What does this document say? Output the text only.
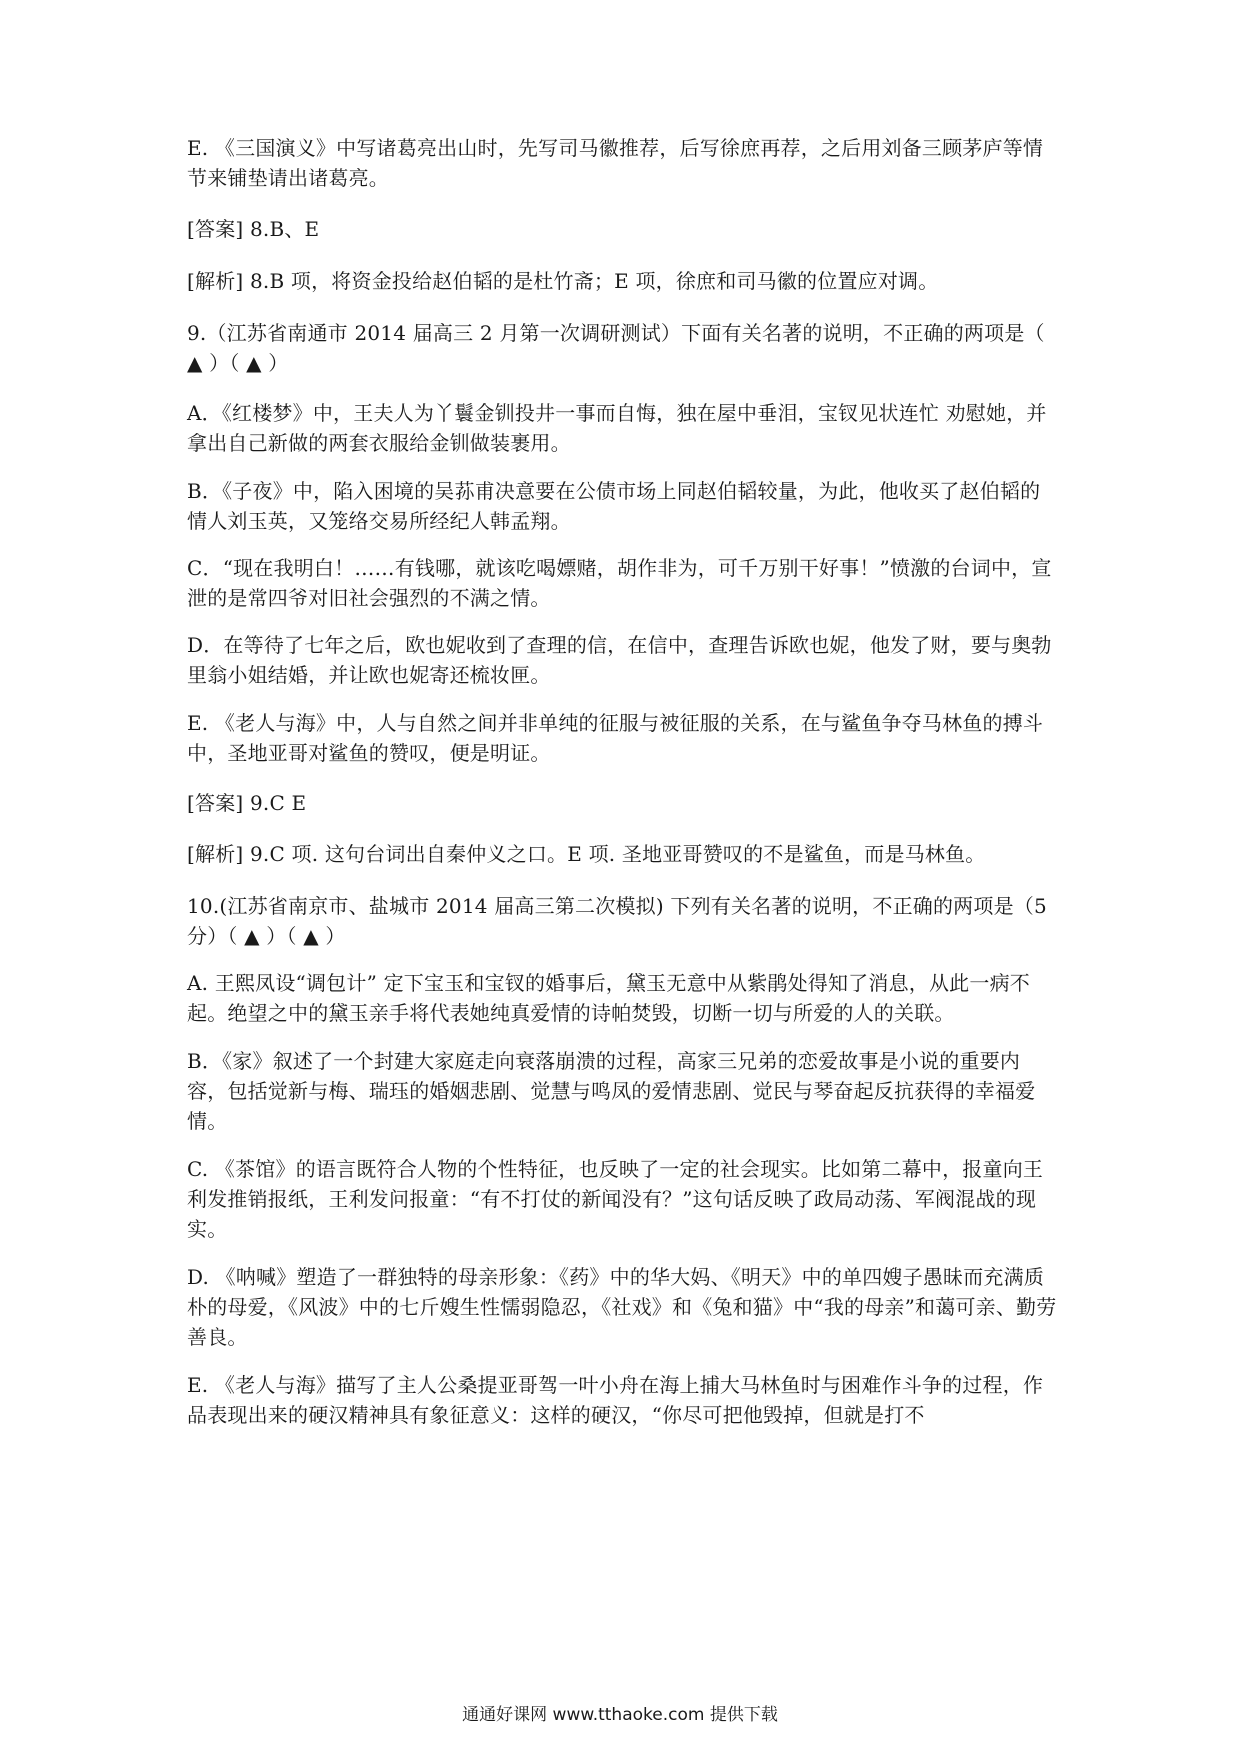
E. 《三国演义》中写诸葛亮出山时，先写司马徽推荐，后写徐庶再荐，之后用刘备三顾茅庐等情节来铺垫请出诸葛亮。

[答案] 8.B、E

[解析] 8.B 项，将资金投给赵伯韬的是杜竹斋；E 项，徐庶和司马徽的位置应对调。

9.（江苏省南通市 2014 届高三 2 月第一次调研测试）下面有关名著的说明，不正确的两项是（ ▲ ）（ ▲ ）

A．《红楼梦》中，王夫人为丫鬟金钏投井一事而自悔，独在屋中垂泪，宝钗见状连忙 劝慰她，并拿出自己新做的两套衣服给金钏做装裹用。

B．《子夜》中，陷入困境的吴荪甫决意要在公债市场上同赵伯韬较量，为此，他收买了赵伯韬的情人刘玉英，又笼络交易所经纪人韩孟翔。

C．“现在我明白！……有钱哪，就该吃喝嫖赌，胡作非为，可千万别干好事！”愤激的台词中，宣泄的是常四爷对旧社会强烈的不满之情。

D．在等待了七年之后，欧也妮收到了查理的信，在信中，查理告诉欧也妮，他发了财，要与奥勃里翁小姐结婚，并让欧也妮寄还梳妆匣。

E. 《老人与海》中，人与自然之间并非单纯的征服与被征服的关系，在与鲨鱼争夺马林鱼的搏斗中，圣地亚哥对鲨鱼的赞叹，便是明证。

[答案] 9.C E

[解析] 9.C 项. 这句台词出自秦仲义之口。E 项. 圣地亚哥赞叹的不是鲨鱼，而是马林鱼。

10.(江苏省南京市、盐城市 2014 届高三第二次模拟) 下列有关名著的说明，不正确的两项是（5 分）（ ▲ ）（ ▲ ）

A. 王熙凤设“调包计” 定下宝玉和宝钗的婚事后，黛玉无意中从紫鹃处得知了消息，从此一病不起。绝望之中的黛玉亲手将代表她纯真爱情的诗帕焚毁，切断一切与所爱的人的关联。

B．《家》叙述了一个封建大家庭走向衰落崩溃的过程，高家三兄弟的恋爱故事是小说的重要内容，包括觉新与梅、瑞珏的婚姻悲剧、觉慧与鸣凤的爱情悲剧、觉民与琴奋起反抗获得的幸福爱情。

C. 《茶馆》的语言既符合人物的个性特征，也反映了一定的社会现实。比如第二幕中，报童向王利发推销报纸，王利发问报童：“有不打仗的新闻没有？”这句话反映了政局动荡、军阀混战的现实。

D. 《呐喊》塑造了一群独特的母亲形象：《药》中的华大妈、《明天》中的单四嫂子愚昧而充满质朴的母爱，《风波》中的七斤嫂生性懦弱隐忍，《社戏》和《兔和猫》中“我的母亲”和蔼可亲、勤劳善良。

E. 《老人与海》描写了主人公桑提亚哥驾一叶小舟在海上捕大马林鱼时与困难作斗争的过程，作品表现出来的硬汉精神具有象征意义：这样的硬汉，“你尽可把他毁掉，但就是打不

通通好课网 www.tthaoke.com 提供下载
